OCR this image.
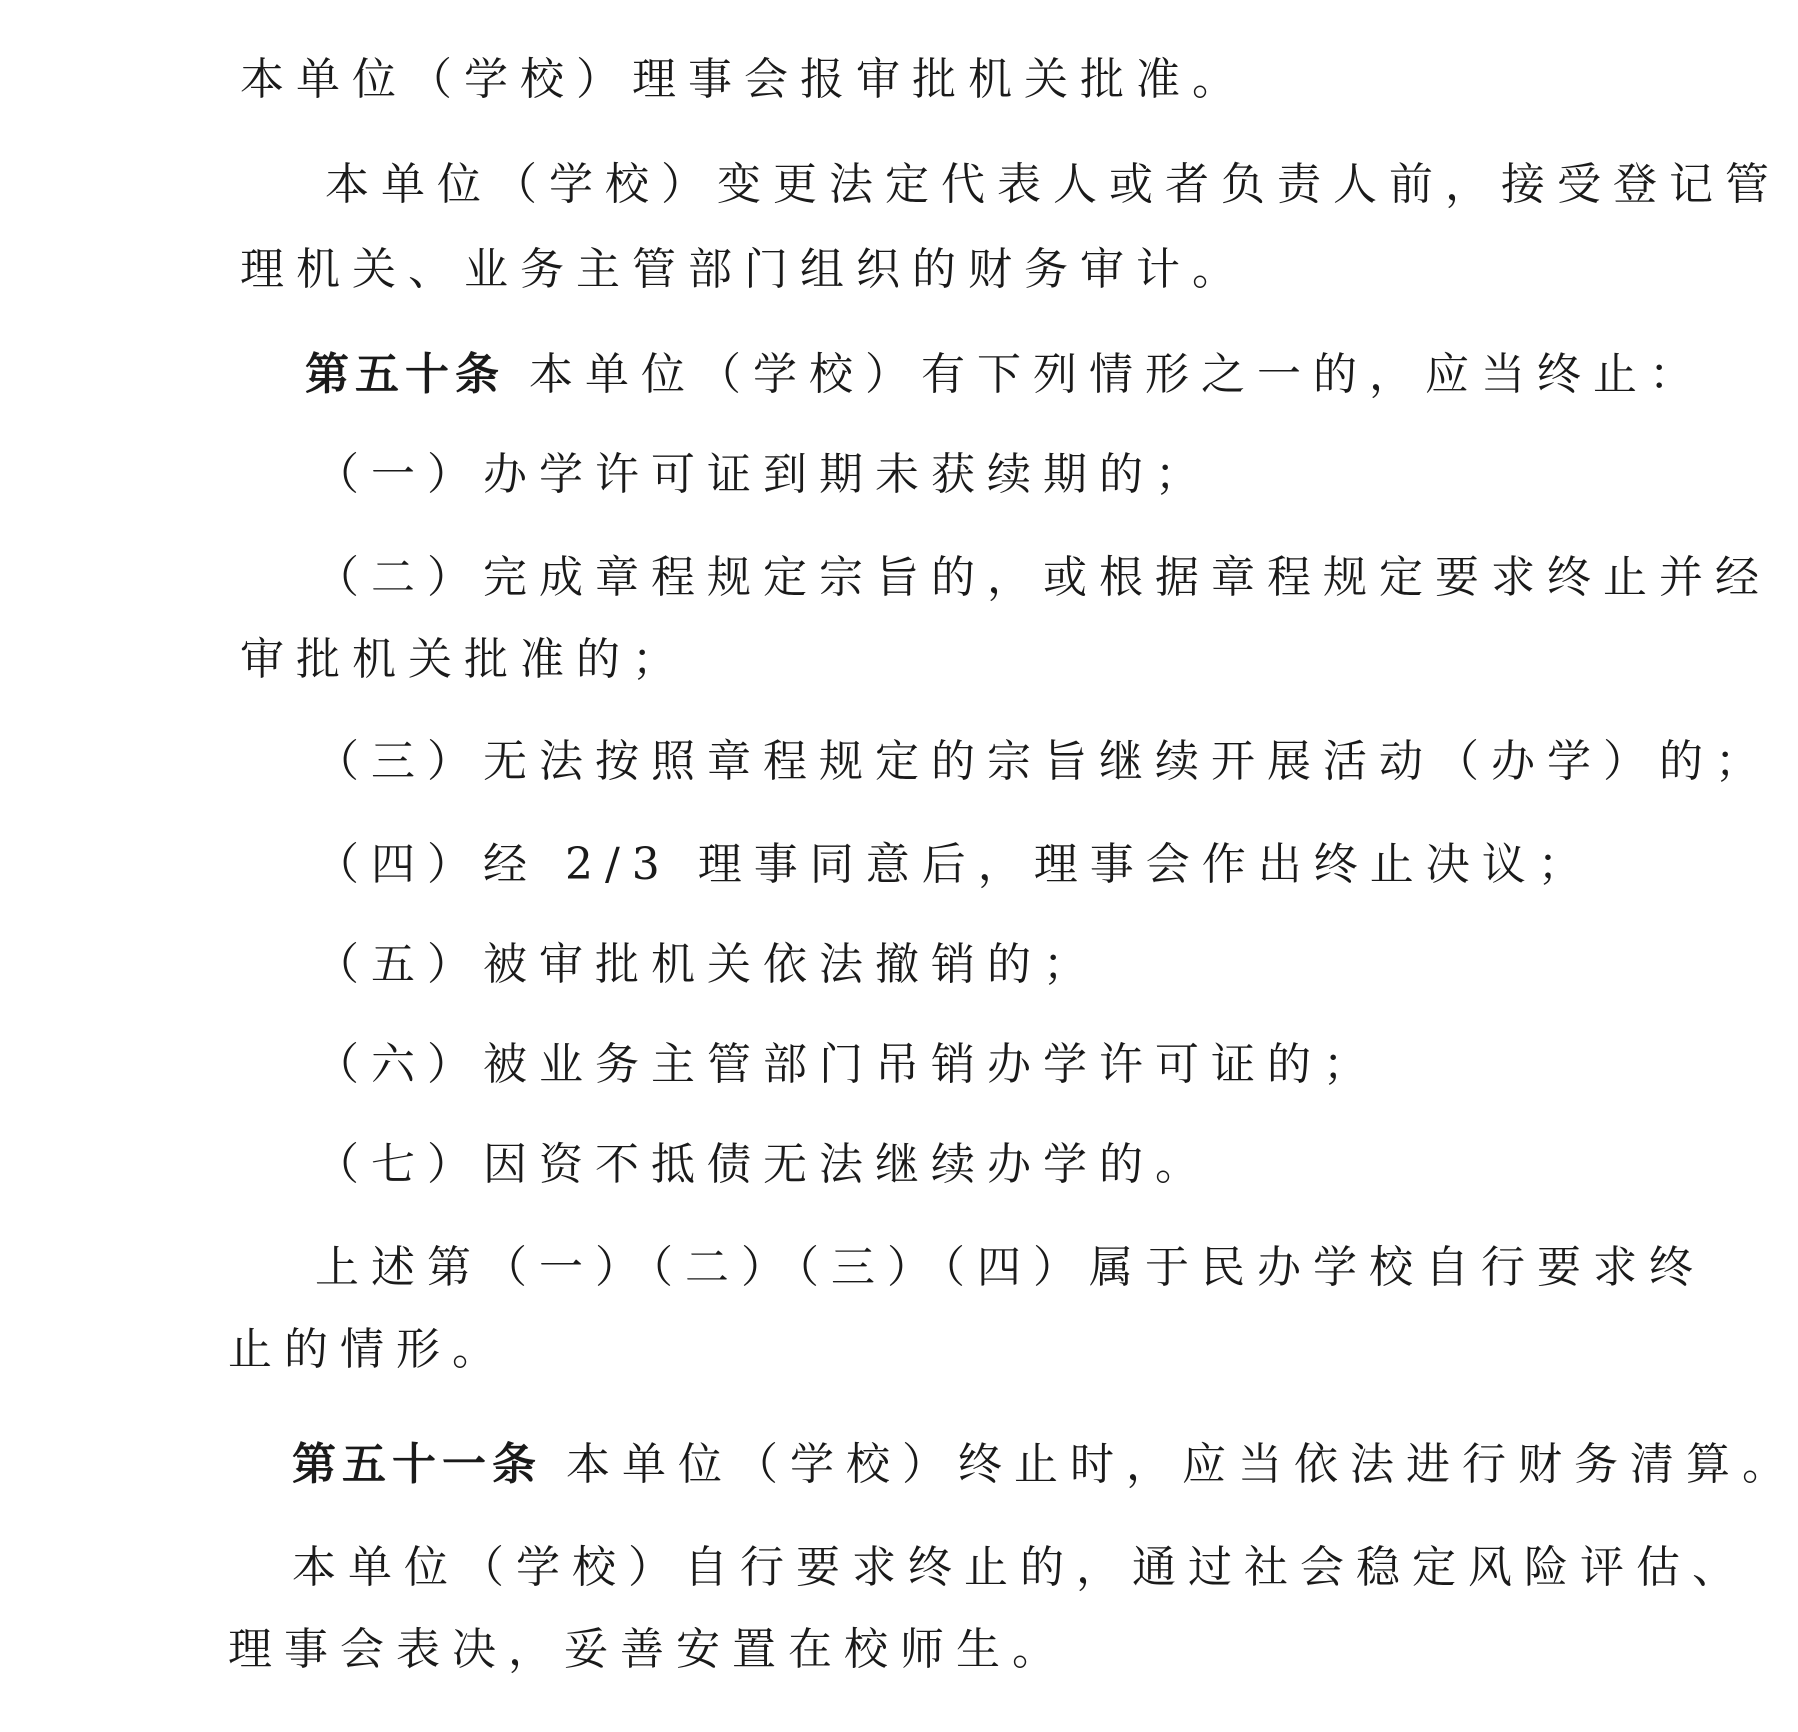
本单位（学校）理事会报审批机关批准。
本单位（学校）变更法定代表人或者负责人前，接受登记管
理机关、业务主管部门组织的财务审计。
第五十条 本单位（学校）有下列情形之一的，应当终止：
（一）办学许可证到期未获续期的；
（二）完成章程规定宗旨的，或根据章程规定要求终止并经
审批机关批准的；
（三）无法按照章程规定的宗旨继续开展活动（办学）的；
（四）经 2/3 理事同意后，理事会作出终止决议；
（五）被审批机关依法撤销的；
（六）被业务主管部门吊销办学许可证的；
（七）因资不抵债无法继续办学的。
上述第（一）（二）（三）（四）属于民办学校自行要求终
止的情形。
第五十一条 本单位（学校）终止时，应当依法进行财务清算。
本单位（学校）自行要求终止的，通过社会稳定风险评估、
理事会表决，妥善安置在校师生。
